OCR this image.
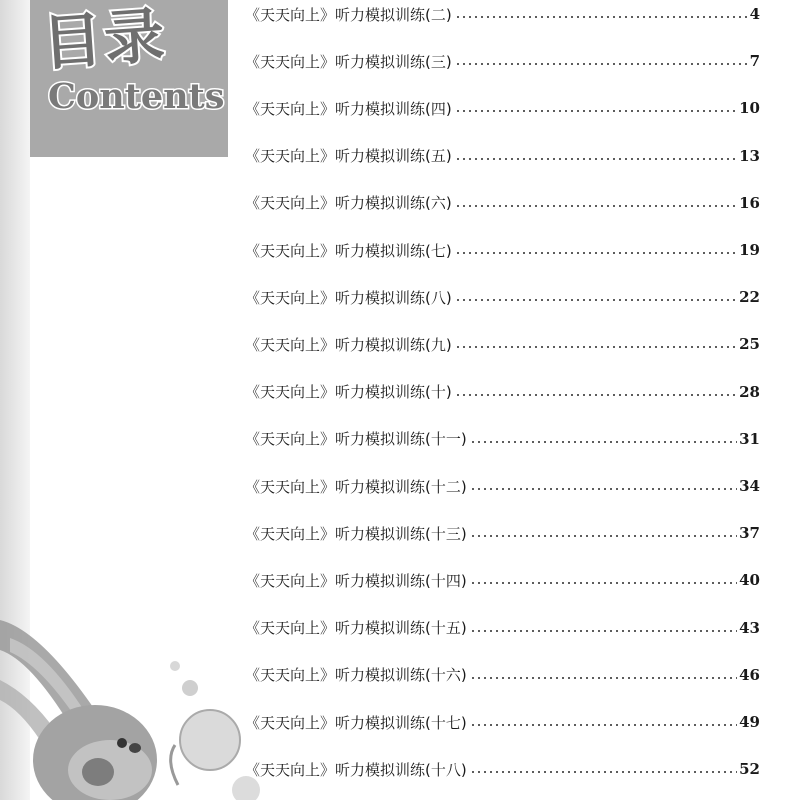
目录
Contents
《天天向上》听力模拟训练(二)	4
《天天向上》听力模拟训练(三)	7
《天天向上》听力模拟训练(四)	10
《天天向上》听力模拟训练(五)	13
《天天向上》听力模拟训练(六)	16
《天天向上》听力模拟训练(七)	19
《天天向上》听力模拟训练(八)	22
《天天向上》听力模拟训练(九)	25
《天天向上》听力模拟训练(十)	28
《天天向上》听力模拟训练(十一)	31
《天天向上》听力模拟训练(十二)	34
《天天向上》听力模拟训练(十三)	37
《天天向上》听力模拟训练(十四)	40
《天天向上》听力模拟训练(十五)	43
《天天向上》听力模拟训练(十六)	46
《天天向上》听力模拟训练(十七)	49
《天天向上》听力模拟训练(十八)	52
